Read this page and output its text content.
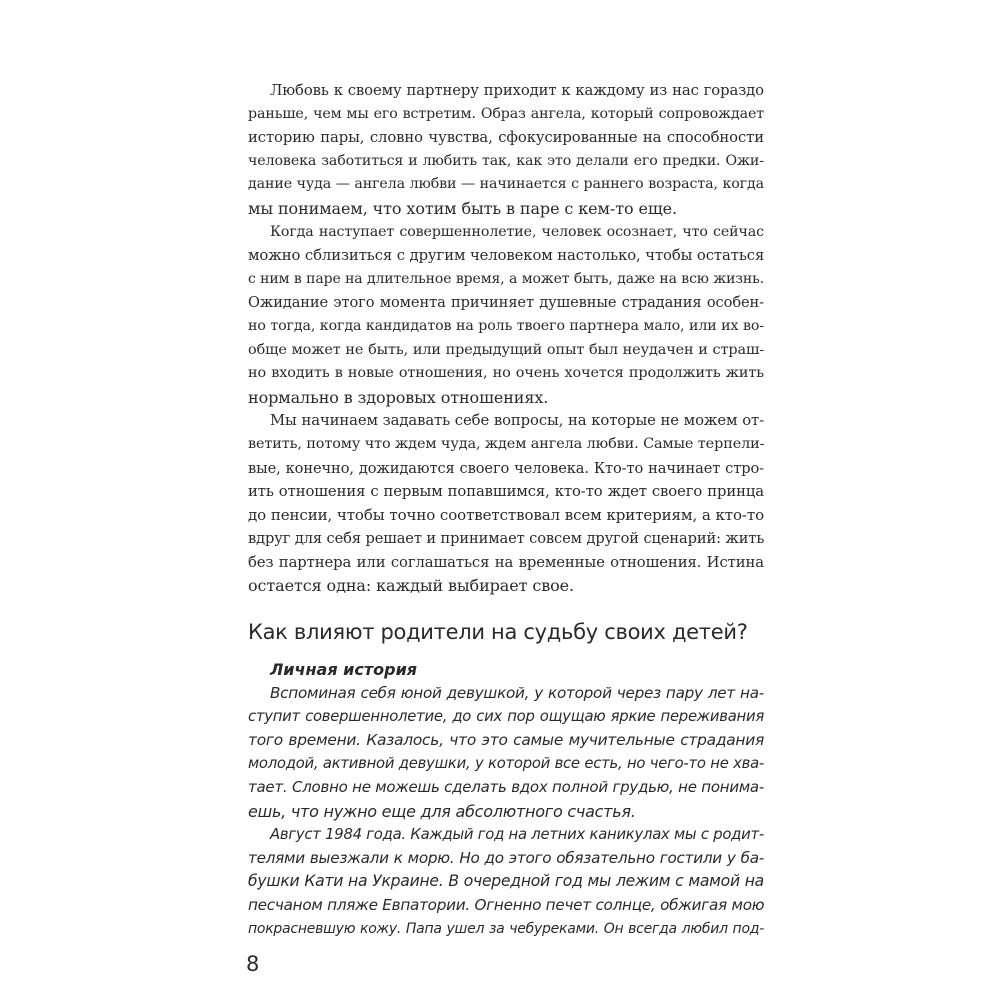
Любовь к своему партнеру приходит к каждому из нас гораздо
раньше, чем мы его встретим. Образ ангела, который сопровождает
историю пары, словно чувства, сфокусированные на способности
человека заботиться и любить так, как это делали его предки. Ожи-
дание чуда — ангела любви — начинается с раннего возраста, когда
мы понимаем, что хотим быть в паре с кем-то еще.
Когда наступает совершеннолетие, человек осознает, что сейчас
можно сблизиться с другим человеком настолько, чтобы остаться
с ним в паре на длительное время, а может быть, даже на всю жизнь.
Ожидание этого момента причиняет душевные страдания особен-
но тогда, когда кандидатов на роль твоего партнера мало, или их во-
обще может не быть, или предыдущий опыт был неудачен и страш-
но входить в новые отношения, но очень хочется продолжить жить
нормально в здоровых отношениях.
Мы начинаем задавать себе вопросы, на которые не можем от-
ветить, потому что ждем чуда, ждем ангела любви. Самые терпели-
вые, конечно, дожидаются своего человека. Кто-то начинает стро-
ить отношения с первым попавшимся, кто-то ждет своего принца
до пенсии, чтобы точно соответствовал всем критериям, а кто-то
вдруг для себя решает и принимает совсем другой сценарий: жить
без партнера или соглашаться на временные отношения. Истина
остается одна: каждый выбирает свое.
Как влияют родители на судьбу своих детей?
Личная история
Вспоминая себя юной девушкой, у которой через пару лет на-
ступит совершеннолетие, до сих пор ощущаю яркие переживания
того времени. Казалось, что это самые мучительные страдания
молодой, активной девушки, у которой все есть, но чего-то не хва-
тает. Словно не можешь сделать вдох полной грудью, не понима-
ешь, что нужно еще для абсолютного счастья.
Август 1984 года. Каждый год на летних каникулах мы с родит-
телями выезжали к морю. Но до этого обязательно гостили у ба-
бушки Кати на Украине. В очередной год мы лежим с мамой на
песчаном пляже Евпатории. Огненно печет солнце, обжигая мою
покрасневшую кожу. Папа ушел за чебуреками. Он всегда любил под-
8
